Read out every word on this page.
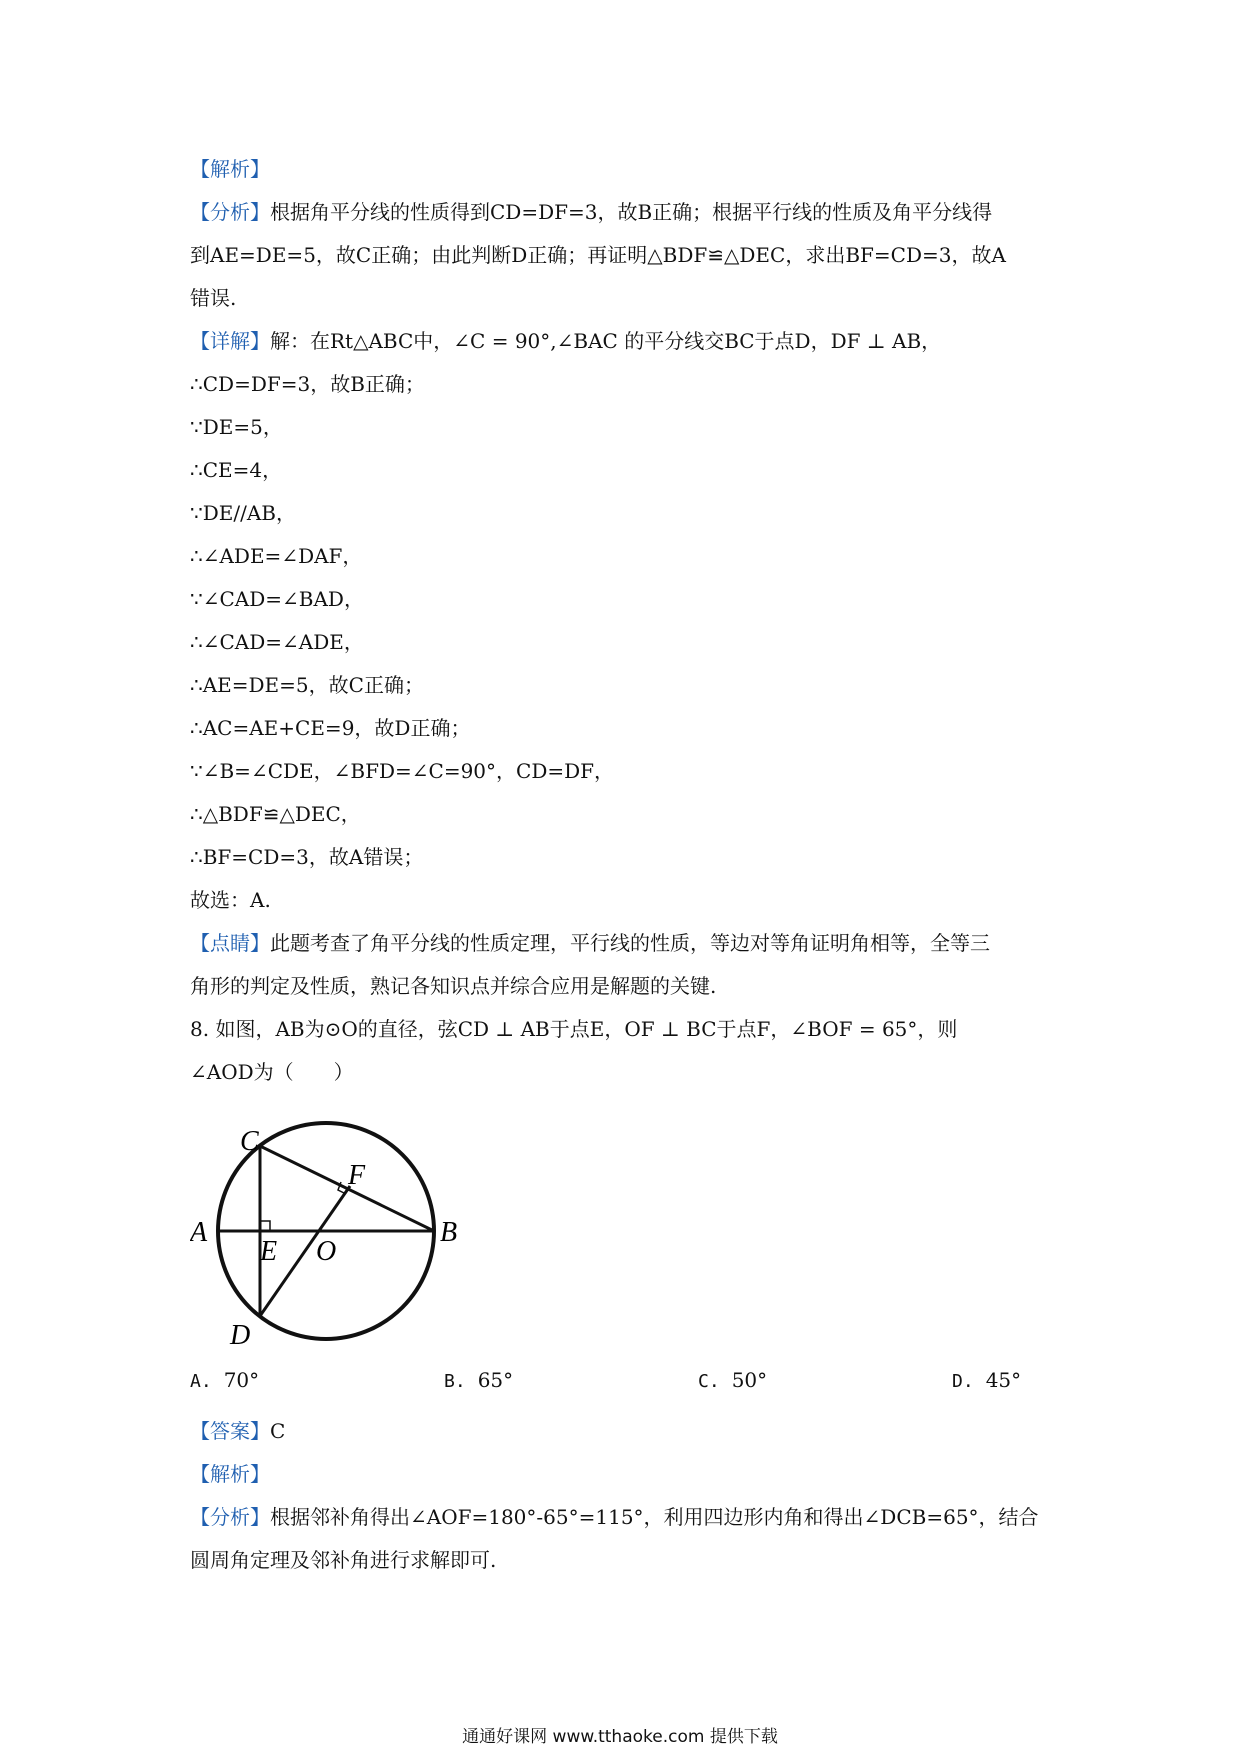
【解析】
【分析】根据角平分线的性质得到CD=DF=3，故B正确；根据平行线的性质及角平分线得
到AE=DE=5，故C正确；由此判断D正确；再证明△BDF≌△DEC，求出BF=CD=3，故A
错误.
【详解】解：在Rt△ABC中，∠C = 90°,∠BAC 的平分线交BC于点D，DF ⊥ AB，
∴CD=DF=3，故B正确；
∵DE=5，
∴CE=4，
∵DE//AB，
∴∠ADE=∠DAF，
∵∠CAD=∠BAD，
∴∠CAD=∠ADE，
∴AE=DE=5，故C正确；
∴AC=AE+CE=9，故D正确；
∵∠B=∠CDE，∠BFD=∠C=90°，CD=DF，
∴△BDF≌△DEC，
∴BF=CD=3，故A错误；
故选：A.
【点睛】此题考查了角平分线的性质定理，平行线的性质，等边对等角证明角相等，全等三
角形的判定及性质，熟记各知识点并综合应用是解题的关键.
8. 如图，AB为⊙O的直径，弦CD ⊥ AB于点E，OF ⊥ BC于点F，∠BOF = 65°，则
∠AOD为（　　）
C
F
A
E O
B
D
A. 70°	B. 65°	C. 50°	D. 45°
【答案】C
【解析】
【分析】根据邻补角得出∠AOF=180°-65°=115°，利用四边形内角和得出∠DCB=65°，结合
圆周角定理及邻补角进行求解即可.
通通好课网 www.tthaoke.com 提供下载
